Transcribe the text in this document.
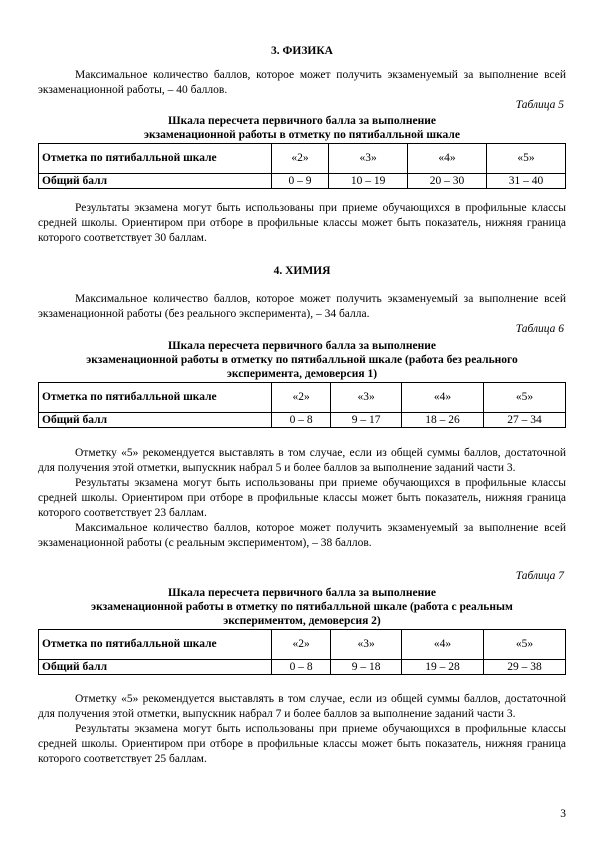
3. ФИЗИКА

Максимальное количество баллов, которое может получить экзаменуемый за выполнение всей экзаменационной работы, – 40 баллов.

Таблица 5
Шкала пересчета первичного балла за выполнение
экзаменационной работы в отметку по пятибалльной шкале
Отметка по пятибалльной шкале	«2»	«3»	«4»	«5»
Общий балл	0 – 9	10 – 19	20 – 30	31 – 40

Результаты экзамена могут быть использованы при приеме обучающихся в профильные классы средней школы. Ориентиром при отборе в профильные классы может быть показатель, нижняя граница которого соответствует 30 баллам.

4. ХИМИЯ

Максимальное количество баллов, которое может получить экзаменуемый за выполнение всей экзаменационной работы (без реального эксперимента), – 34 балла.

Таблица 6
Шкала пересчета первичного балла за выполнение
экзаменационной работы в отметку по пятибалльной шкале (работа без реального
эксперимента, демоверсия 1)
Отметка по пятибалльной шкале	«2»	«3»	«4»	«5»
Общий балл	0 – 8	9 – 17	18 – 26	27 – 34

Отметку «5» рекомендуется выставлять в том случае, если из общей суммы баллов, достаточной для получения этой отметки, выпускник набрал 5 и более баллов за выполнение заданий части 3.

Результаты экзамена могут быть использованы при приеме обучающихся в профильные классы средней школы. Ориентиром при отборе в профильные классы может быть показатель, нижняя граница которого соответствует 23 баллам.

Максимальное количество баллов, которое может получить экзаменуемый за выполнение всей экзаменационной работы (с реальным экспериментом), – 38 баллов.

Таблица 7
Шкала пересчета первичного балла за выполнение
экзаменационной работы в отметку по пятибалльной шкале (работа с реальным
экспериментом, демоверсия 2)
Отметка по пятибалльной шкале	«2»	«3»	«4»	«5»
Общий балл	0 – 8	9 – 18	19 – 28	29 – 38

Отметку «5» рекомендуется выставлять в том случае, если из общей суммы баллов, достаточной для получения этой отметки, выпускник набрал 7 и более баллов за выполнение заданий части 3.

Результаты экзамена могут быть использованы при приеме обучающихся в профильные классы средней школы. Ориентиром при отборе в профильные классы может быть показатель, нижняя граница которого соответствует 25 баллам.

3
